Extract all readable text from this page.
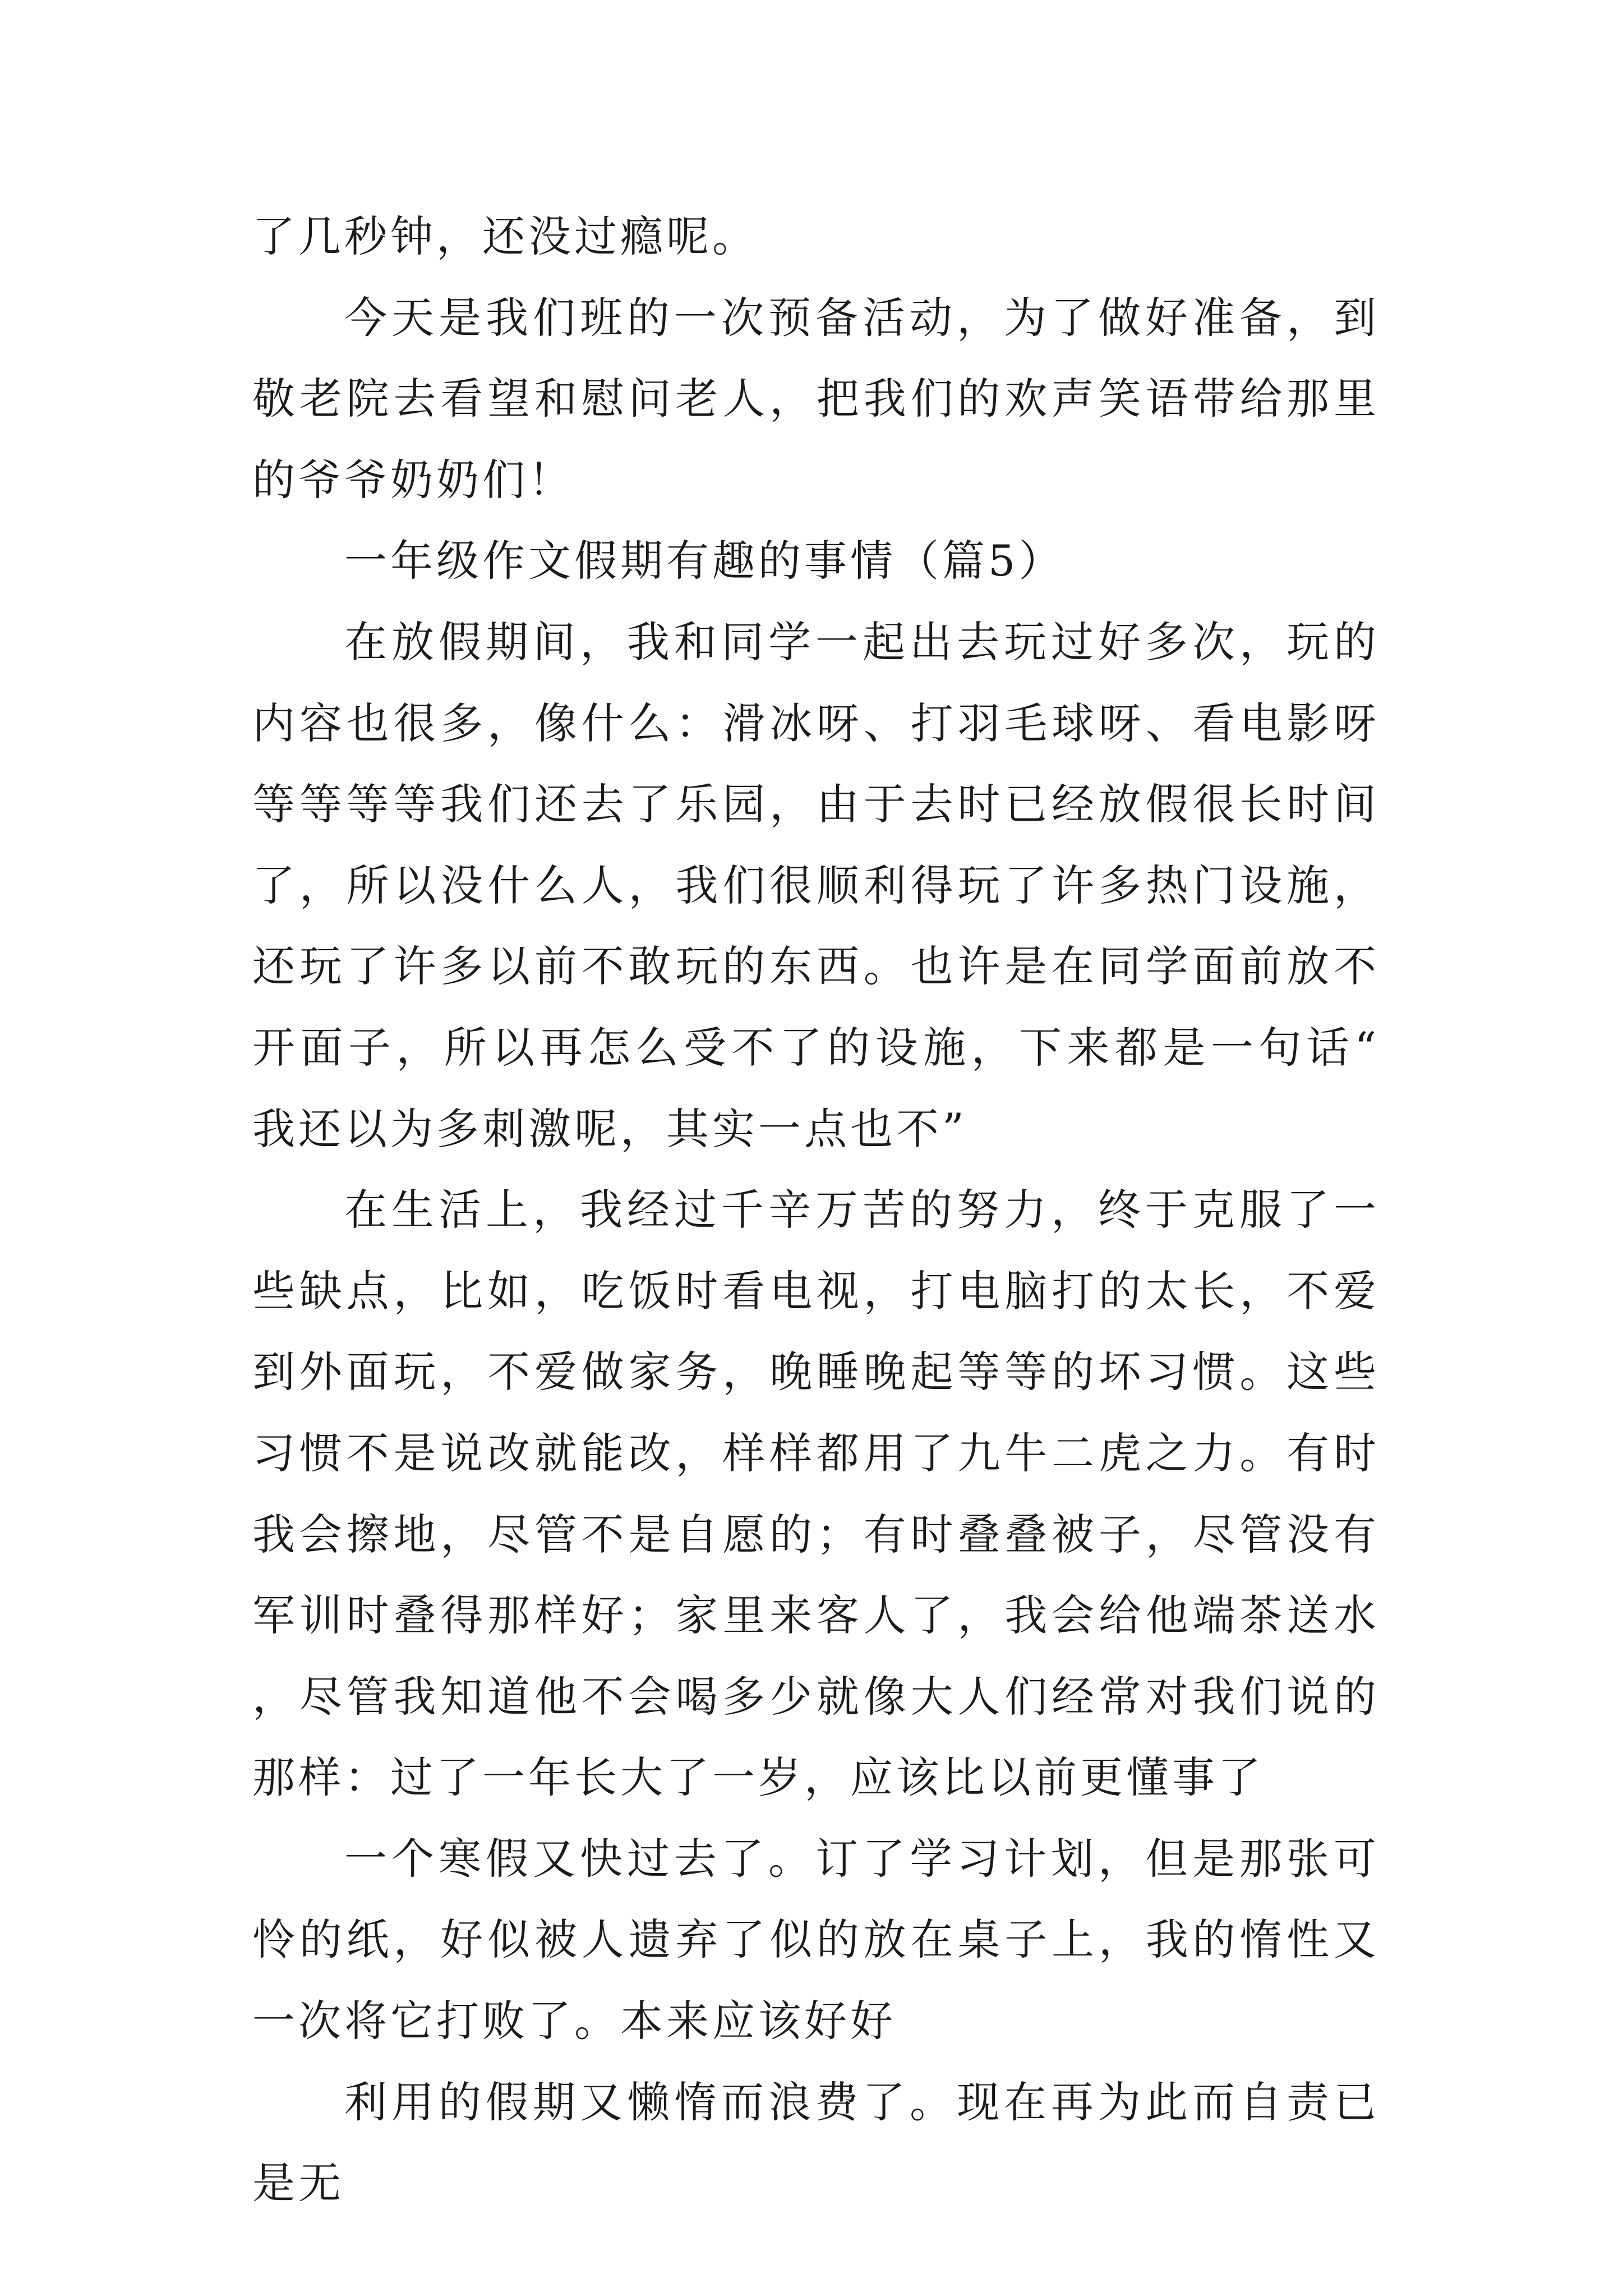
了几秒钟，还没过瘾呢。

今天是我们班的一次预备活动，为了做好准备，到敬老院去看望和慰问老人，把我们的欢声笑语带给那里的爷爷奶奶们！

一年级作文假期有趣的事情（篇5）

在放假期间，我和同学一起出去玩过好多次，玩的内容也很多，像什么：滑冰呀、打羽毛球呀、看电影呀等等等等我们还去了乐园，由于去时已经放假很长时间了，所以没什么人，我们很顺利得玩了许多热门设施，还玩了许多以前不敢玩的东西。也许是在同学面前放不开面子，所以再怎么受不了的设施，下来都是一句话“我还以为多刺激呢，其实一点也不”

在生活上，我经过千辛万苦的努力，终于克服了一些缺点，比如，吃饭时看电视，打电脑打的太长，不爱到外面玩，不爱做家务，晚睡晚起等等的坏习惯。这些习惯不是说改就能改，样样都用了九牛二虎之力。有时我会擦地，尽管不是自愿的；有时叠叠被子，尽管没有军训时叠得那样好；家里来客人了，我会给他端茶送水，尽管我知道他不会喝多少就像大人们经常对我们说的那样：过了一年长大了一岁，应该比以前更懂事了

一个寒假又快过去了。订了学习计划，但是那张可怜的纸，好似被人遗弃了似的放在桌子上，我的惰性又一次将它打败了。本来应该好好

利用的假期又懒惰而浪费了。现在再为此而自责已是无
